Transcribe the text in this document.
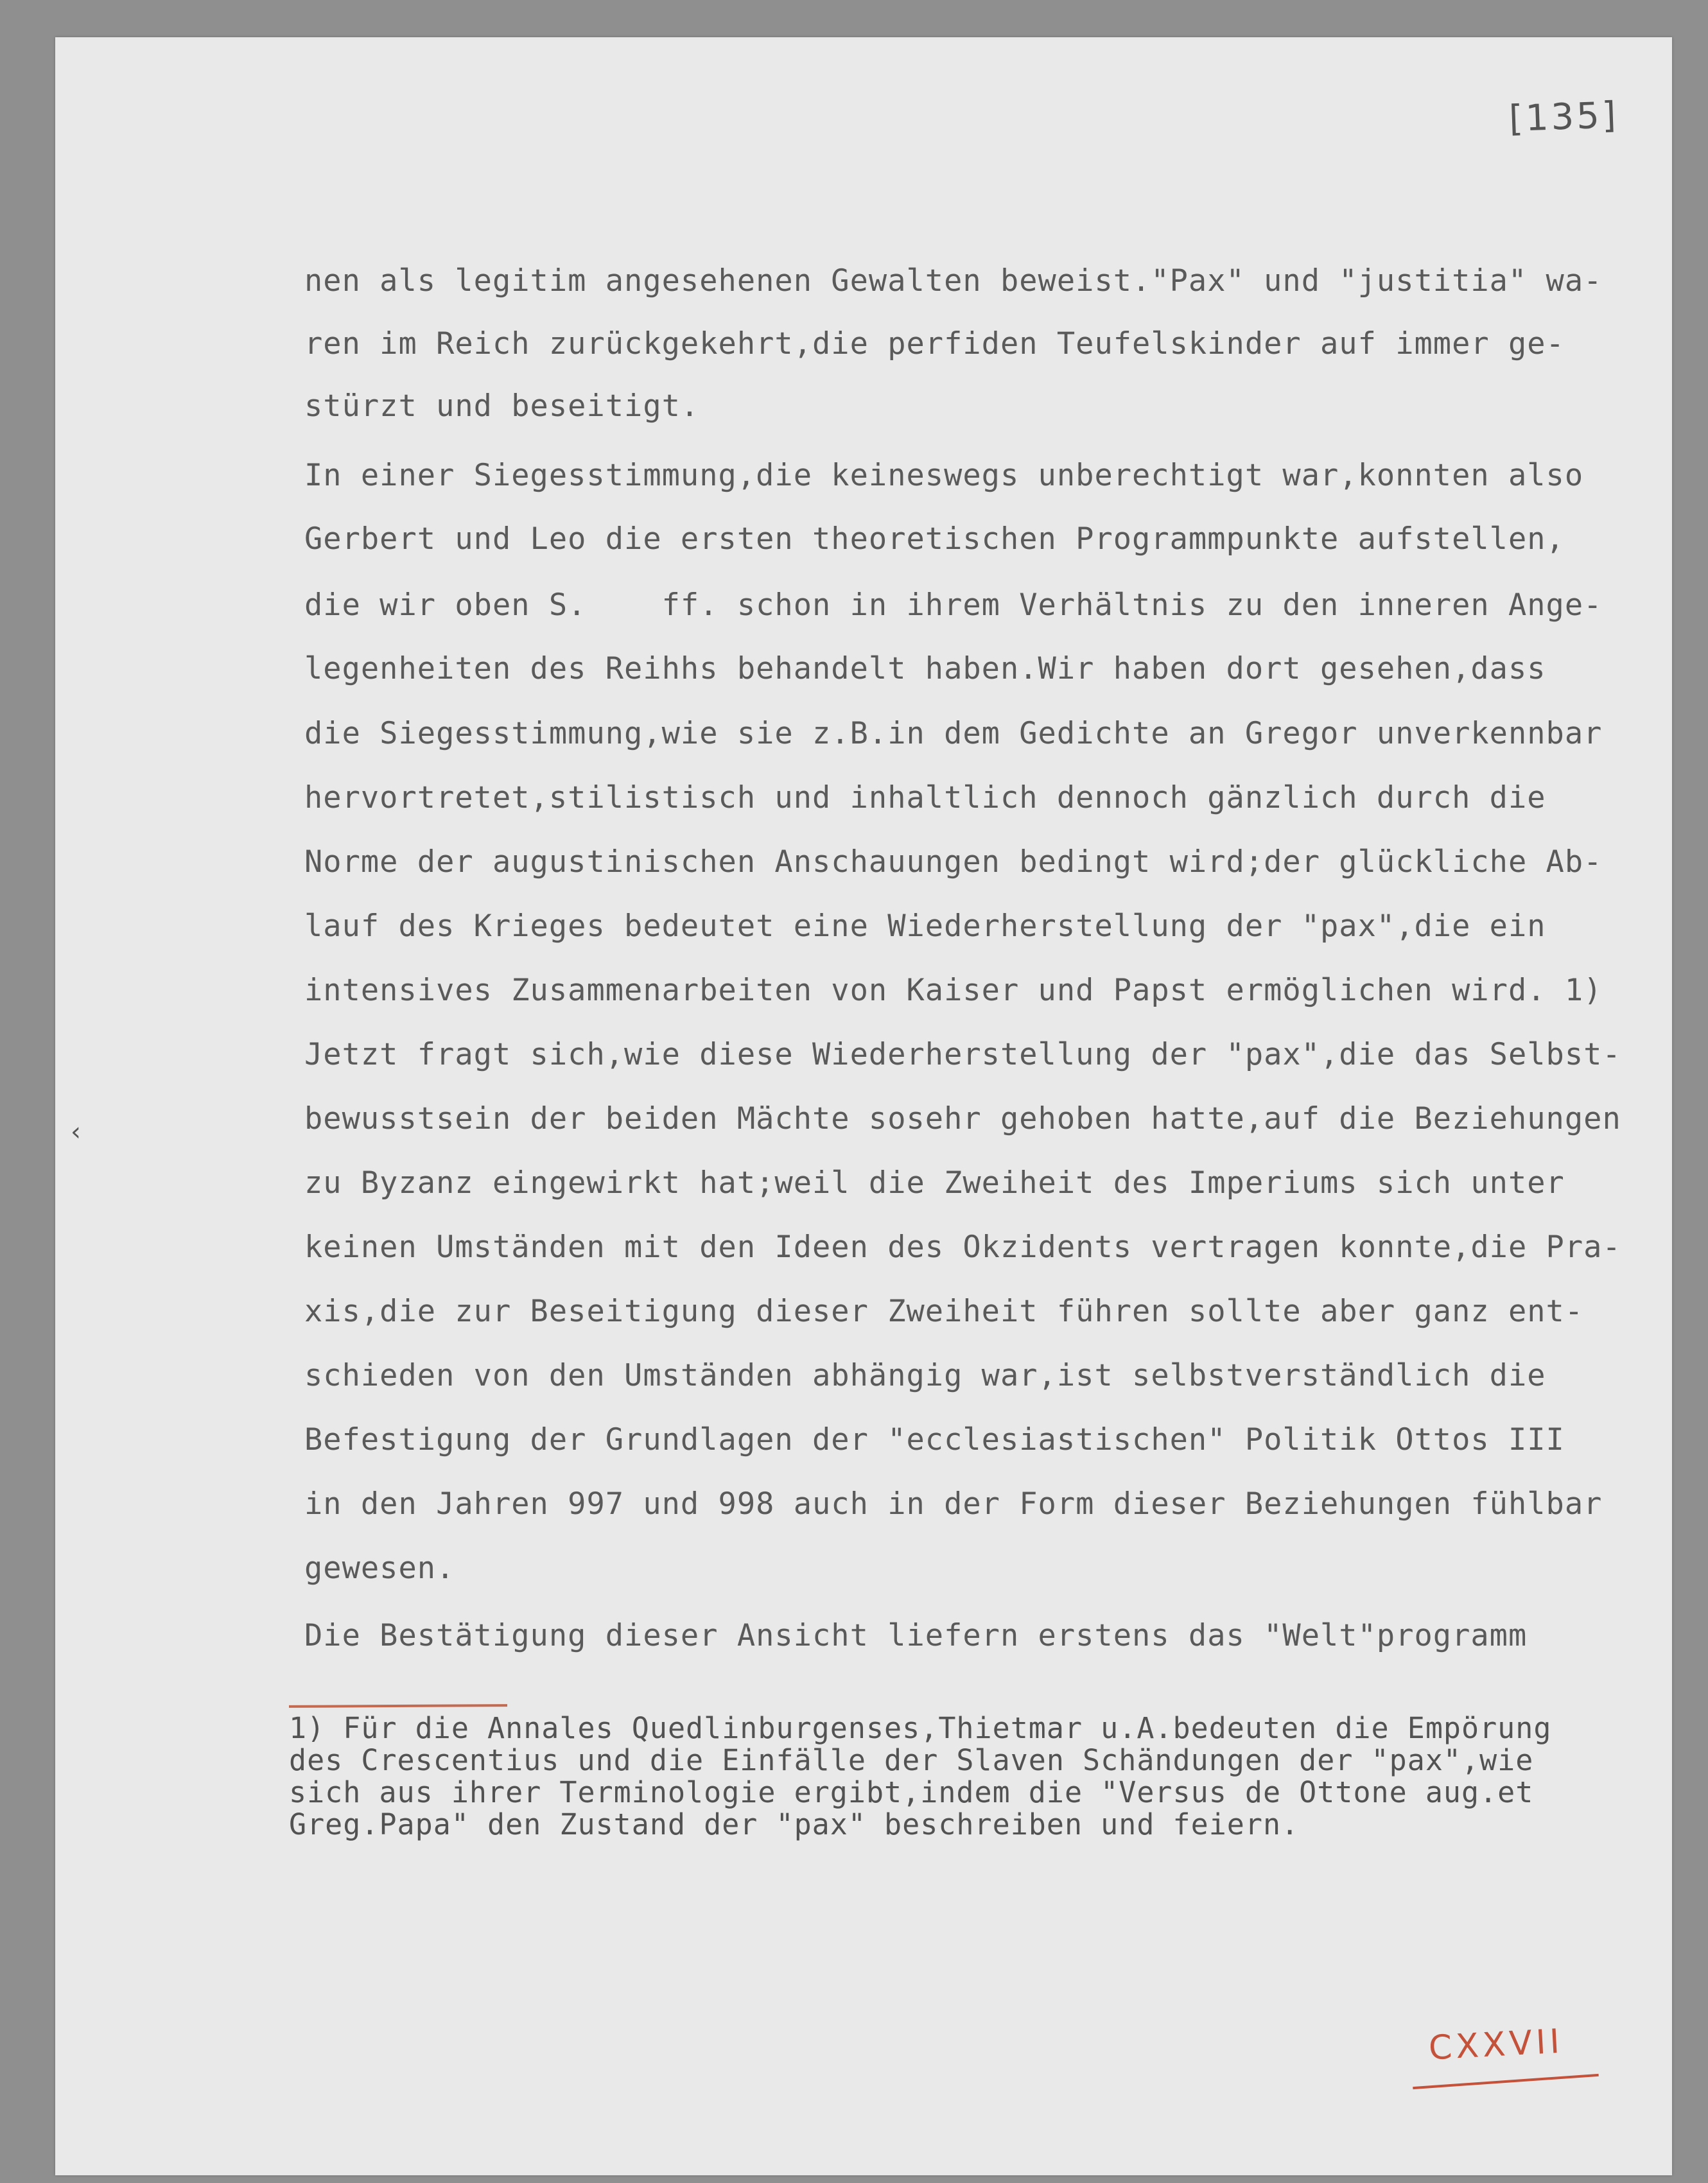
[135]
nen als legitim angesehenen Gewalten beweist."Pax" und "justitia" wa-
ren im Reich zurückgekehrt,die perfiden Teufelskinder auf immer ge-
stürzt und beseitigt.
In einer Siegesstimmung,die keineswegs unberechtigt war,konnten also
Gerbert und Leo die ersten theoretischen Programmpunkte aufstellen,
die wir oben S.    ff. schon in ihrem Verhältnis zu den inneren Ange-
legenheiten des Reihhs behandelt haben.Wir haben dort gesehen,dass
die Siegesstimmung,wie sie z.B.in dem Gedichte an Gregor unverkennbar
hervortretet,stilistisch und inhaltlich dennoch gänzlich durch die
Norme der augustinischen Anschauungen bedingt wird;der glückliche Ab-
lauf des Krieges bedeutet eine Wiederherstellung der "pax",die ein
intensives Zusammenarbeiten von Kaiser und Papst ermöglichen wird. 1)
Jetzt fragt sich,wie diese Wiederherstellung der "pax",die das Selbst-
bewusstsein der beiden Mächte sosehr gehoben hatte,auf die Beziehungen
zu Byzanz eingewirkt hat;weil die Zweiheit des Imperiums sich unter
keinen Umständen mit den Ideen des Okzidents vertragen konnte,die Pra-
xis,die zur Beseitigung dieser Zweiheit führen sollte aber ganz ent-
schieden von den Umständen abhängig war,ist selbstverständlich die
Befestigung der Grundlagen der "ecclesiastischen" Politik Ottos III
in den Jahren 997 und 998 auch in der Form dieser Beziehungen fühlbar
gewesen.
Die Bestätigung dieser Ansicht liefern erstens das "Welt"programm
1) Für die Annales Quedlinburgenses,Thietmar u.A.bedeuten die Empörung
des Crescentius und die Einfälle der Slaven Schändungen der "pax",wie
sich aus ihrer Terminologie ergibt,indem die "Versus de Ottone aug.et
Greg.Papa" den Zustand der "pax" beschreiben und feiern.
CXXVII
